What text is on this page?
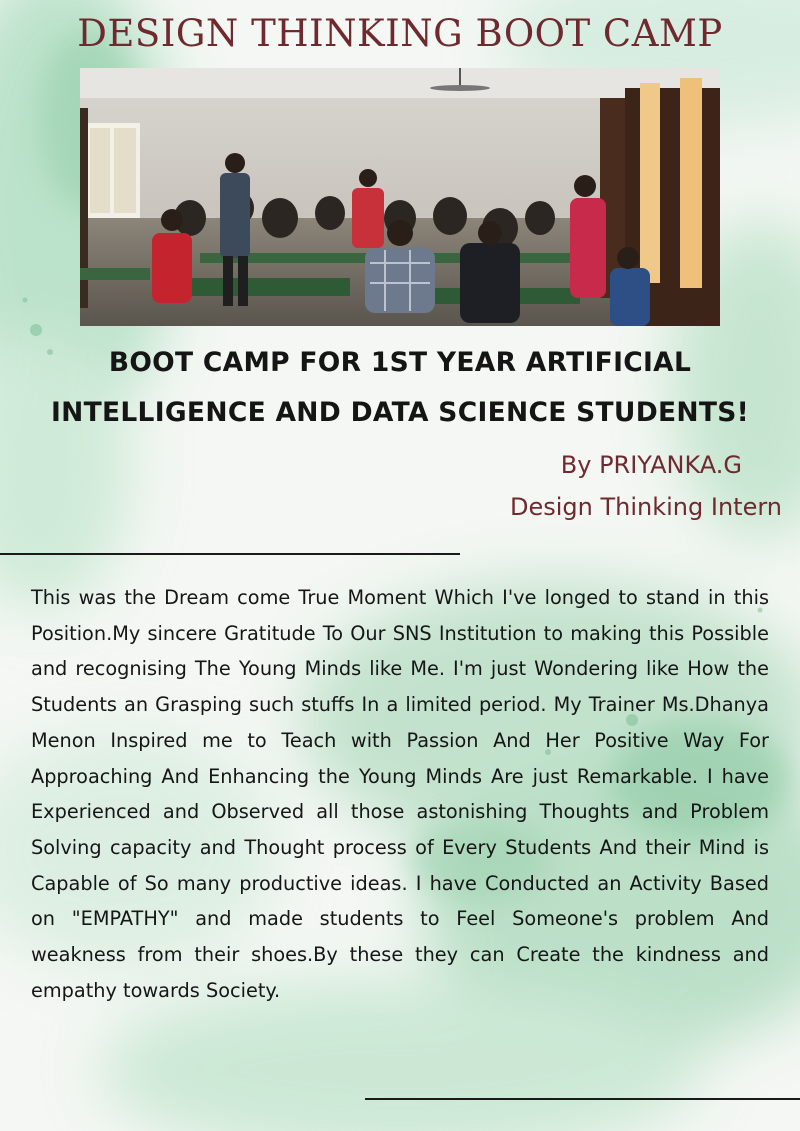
DESIGN THINKING BOOT CAMP
BOOT CAMP FOR 1ST YEAR ARTIFICIAL
INTELLIGENCE AND DATA SCIENCE STUDENTS!
By PRIYANKA.G
Design Thinking Intern

This was the Dream come True Moment Which I've longed to stand in this Position.My sincere Gratitude To Our SNS Institution to making this Possible and recognising The Young Minds like Me. I'm just Wondering like How the Students an Grasping such stuffs In a limited period. My Trainer Ms.Dhanya Menon Inspired me to Teach with Passion And Her Positive Way For Approaching And Enhancing the Young Minds Are just Remarkable. I have Experienced and Observed all those astonishing Thoughts and Problem Solving capacity and Thought process of Every Students And their Mind is Capable of So many productive ideas. I have Conducted an Activity Based on "EMPATHY" and made students to Feel Someone's problem And weakness from their shoes.By these they can Create the kindness and empathy towards Society.
